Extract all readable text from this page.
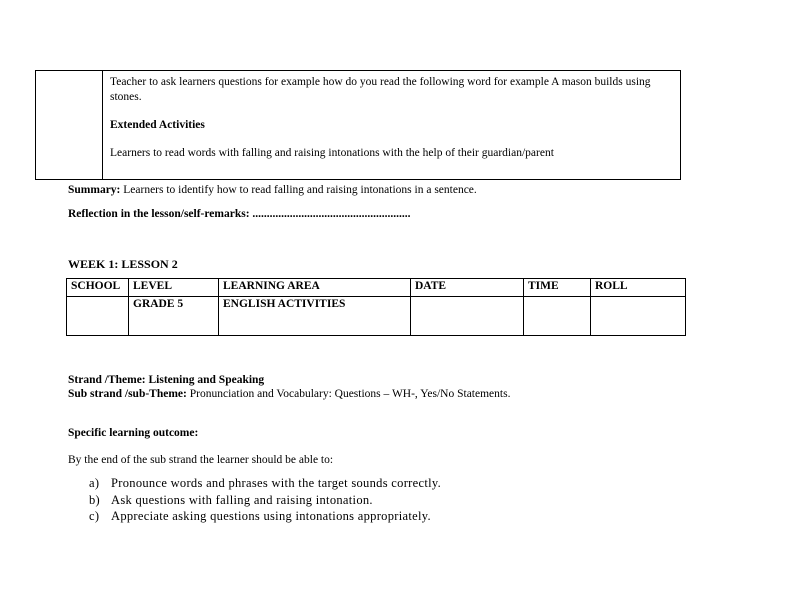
Teacher to ask learners questions for example how do you read the following word for example A mason builds using stones.

Extended Activities

Learners to read words with falling and raising intonations with the help of their guardian/parent

Summary: Learners to identify how to read falling and raising intonations in a sentence.
Reflection in the lesson/self-remarks: .......................................................
WEEK 1: LESSON 2
SCHOOL	LEVEL	LEARNING AREA	DATE	TIME	ROLL
	GRADE 5	ENGLISH ACTIVITIES			
Strand /Theme: Listening and Speaking
Sub strand /sub-Theme: Pronunciation and Vocabulary: Questions – WH-, Yes/No Statements.
Specific learning outcome:
By the end of the sub strand the learner should be able to:
a) Pronounce words and phrases with the target sounds correctly.
b) Ask questions with falling and raising intonation.
c) Appreciate asking questions using intonations appropriately.
